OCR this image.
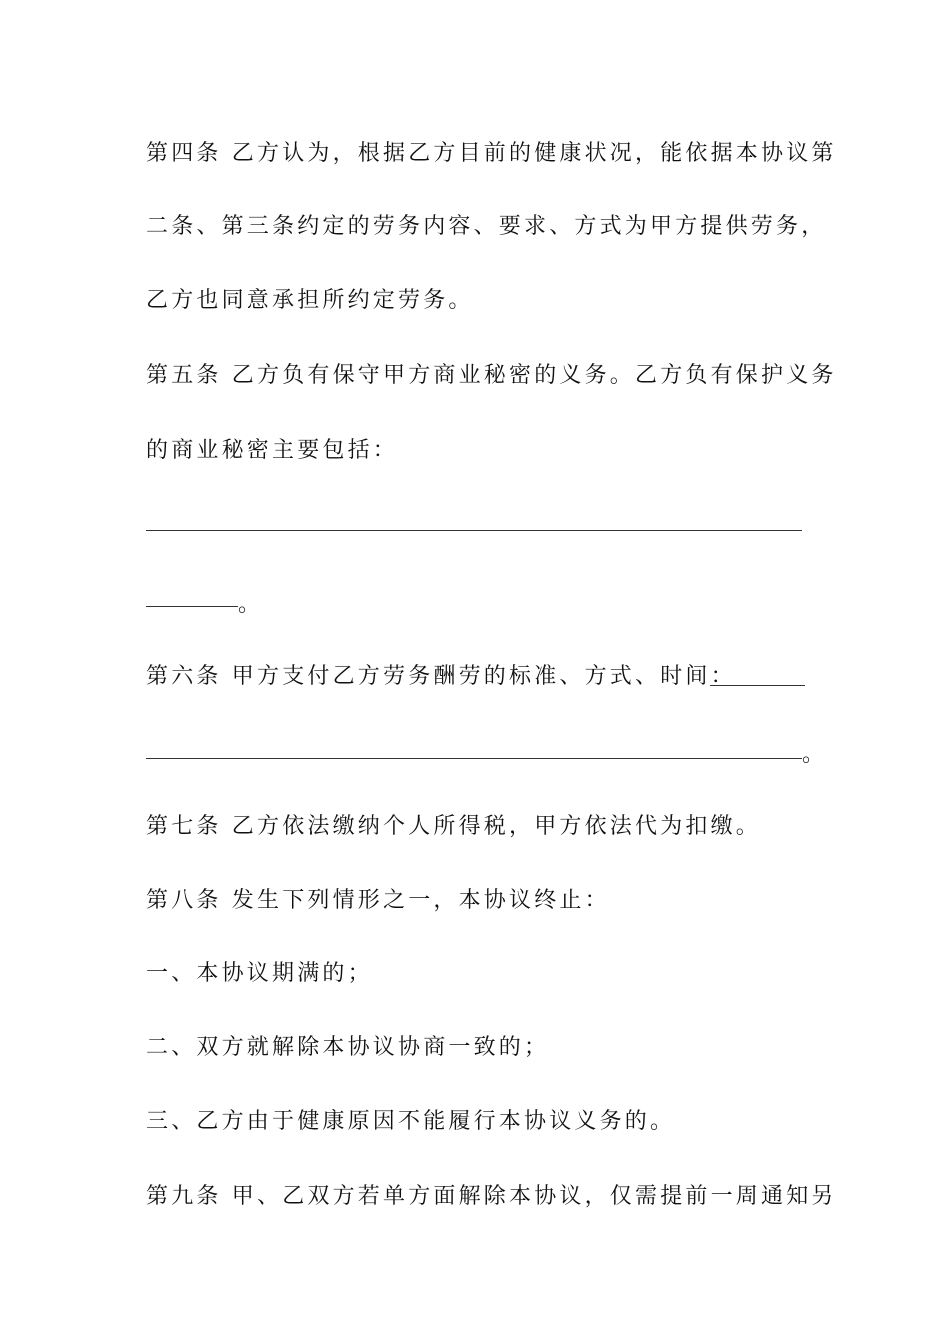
第四条 乙方认为，根据乙方目前的健康状况，能依据本协议第
二条、第三条约定的劳务内容、要求、方式为甲方提供劳务，
乙方也同意承担所约定劳务。
第五条 乙方负有保守甲方商业秘密的义务。乙方负有保护义务
的商业秘密主要包括：
。
第六条 甲方支付乙方劳务酬劳的标准、方式、时间：
。
第七条 乙方依法缴纳个人所得税，甲方依法代为扣缴。
第八条 发生下列情形之一，本协议终止：
一、本协议期满的；
二、双方就解除本协议协商一致的；
三、乙方由于健康原因不能履行本协议义务的。
第九条 甲、乙双方若单方面解除本协议，仅需提前一周通知另
